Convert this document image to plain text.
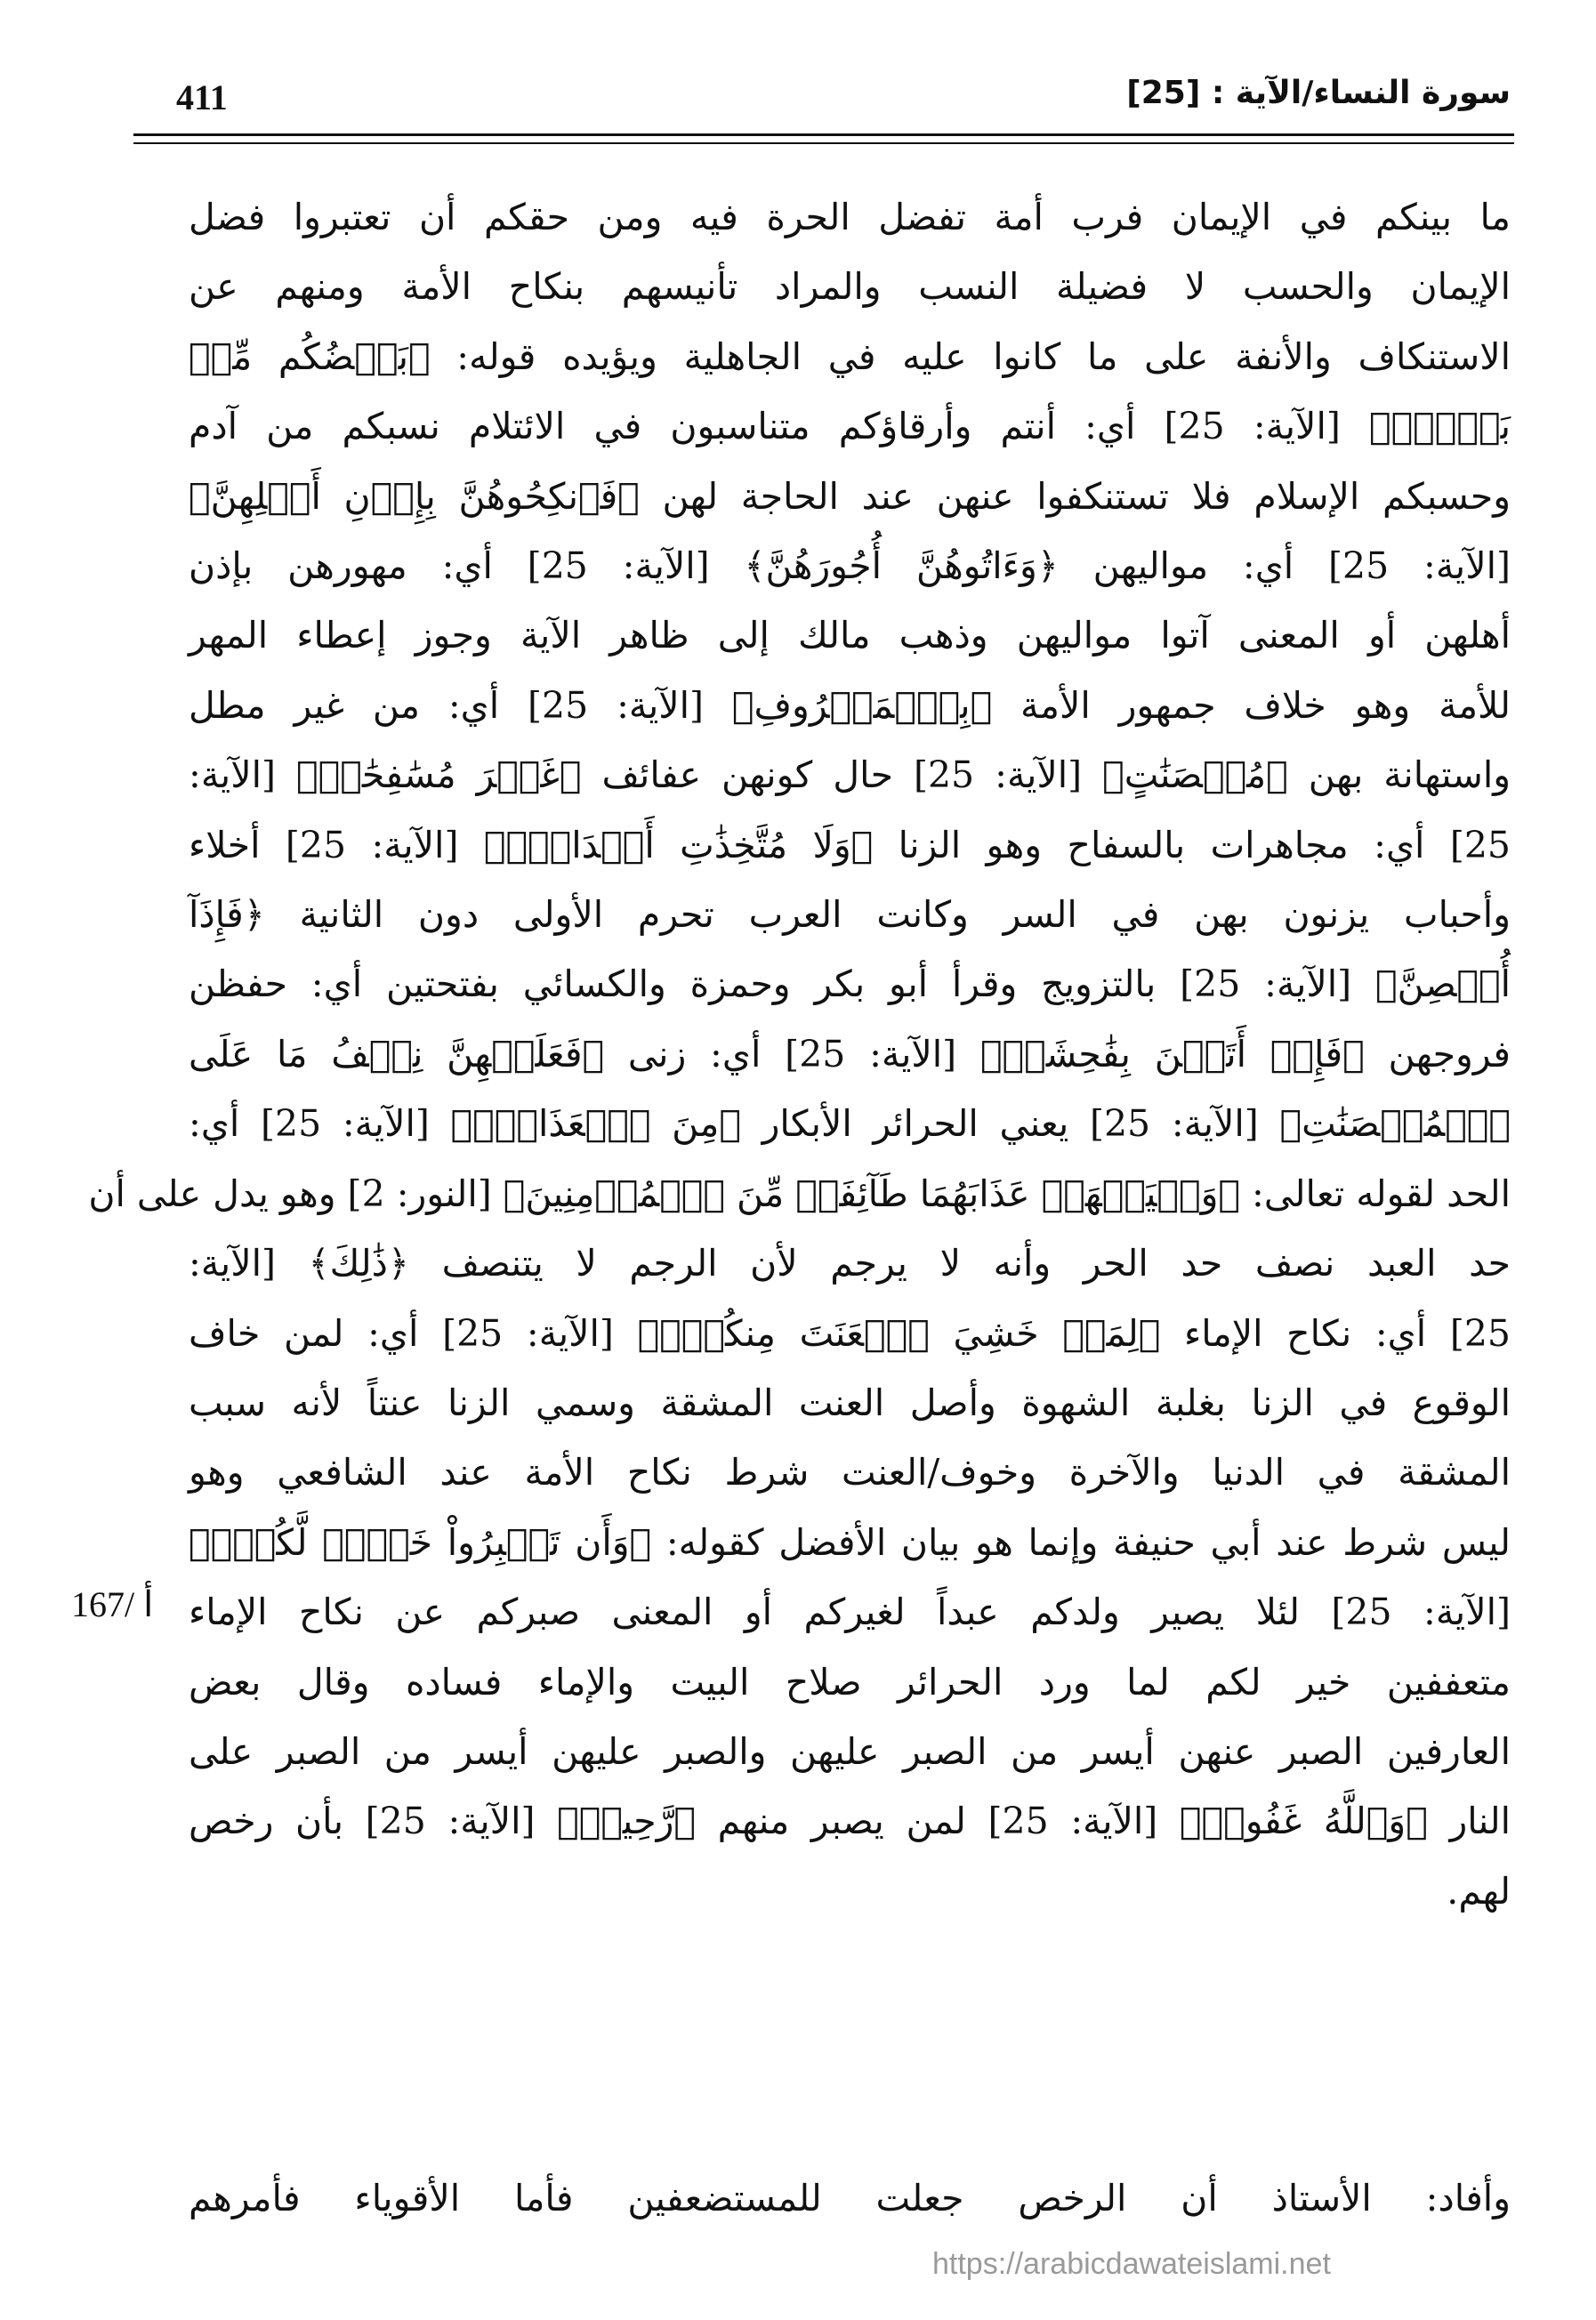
411	سورة النساء/الآية : [25]
ما بينكم في الإيمان فرب أمة تفضل الحرة فيه ومن حقكم أن تعتبروا فضل
الإيمان والحسب لا فضيلة النسب والمراد تأنيسهم بنكاح الأمة ومنهم عن
الاستنكاف والأنفة على ما كانوا عليه في الجاهلية ويؤيده قوله: ﴿بَعۡضُكُم مِّنۢ
بَعۡضٖۚ﴾ [الآية: 25] أي: أنتم وأرقاؤكم متناسبون في الائتلام نسبكم من آدم
وحسبكم الإسلام فلا تستنكفوا عنهن عند الحاجة لهن ﴿فَٱنكِحُوهُنَّ بِإِذۡنِ أَهۡلِهِنَّ﴾
[الآية: 25] أي: مواليهن ﴿وَءَاتُوهُنَّ أُجُورَهُنَّ﴾ [الآية: 25] أي: مهورهن بإذن
أهلهن أو المعنى آتوا مواليهن وذهب مالك إلى ظاهر الآية وجوز إعطاء المهر
للأمة وهو خلاف جمهور الأمة ﴿بِٱلۡمَعۡرُوفِ﴾ [الآية: 25] أي: من غير مطل
واستهانة بهن ﴿مُحۡصَنَٰتٍ﴾ [الآية: 25] حال كونهن عفائف ﴿غَيۡرَ مُسَٰفِحَٰتٖ﴾ [الآية:
25] أي: مجاهرات بالسفاح وهو الزنا ﴿وَلَا مُتَّخِذَٰتِ أَخۡدَانٖۚ﴾ [الآية: 25] أخلاء
وأحباب يزنون بهن في السر وكانت العرب تحرم الأولى دون الثانية ﴿فَإِذَآ
أُحۡصِنَّ﴾ [الآية: 25] بالتزويج وقرأ أبو بكر وحمزة والكسائي بفتحتين أي: حفظن
فروجهن ﴿فَإِنۡ أَتَيۡنَ بِفَٰحِشَةٖ﴾ [الآية: 25] أي: زنى ﴿فَعَلَيۡهِنَّ نِصۡفُ مَا عَلَى
ٱلۡمُحۡصَنَٰتِ﴾ [الآية: 25] يعني الحرائر الأبكار ﴿مِنَ ٱلۡعَذَابِۚ﴾ [الآية: 25] أي:
الحد لقوله تعالى: ﴿وَلۡيَشۡهَدۡ عَذَابَهُمَا طَآئِفَةٞ مِّنَ ٱلۡمُؤۡمِنِينَ﴾ [النور: 2] وهو يدل على أن
حد العبد نصف حد الحر وأنه لا يرجم لأن الرجم لا يتنصف ﴿ذَٰلِكَ﴾ [الآية:
25] أي: نكاح الإماء ﴿لِمَنۡ خَشِيَ ٱلۡعَنَتَ مِنكُمۡۚ﴾ [الآية: 25] أي: لمن خاف
الوقوع في الزنا بغلبة الشهوة وأصل العنت المشقة وسمي الزنا عنتاً لأنه سبب
المشقة في الدنيا والآخرة وخوف/العنت شرط نكاح الأمة عند الشافعي وهو
ليس شرط عند أبي حنيفة وإنما هو بيان الأفضل كقوله: ﴿وَأَن تَصۡبِرُواْ خَيۡرٞ لَّكُمۡۗ﴾
[الآية: 25] لئلا يصير ولدكم عبداً لغيركم أو المعنى صبركم عن نكاح الإماء
متعففين خير لكم لما ورد الحرائر صلاح البيت والإماء فساده وقال بعض
العارفين الصبر عنهن أيسر من الصبر عليهن والصبر عليهن أيسر من الصبر على
النار ﴿وَٱللَّهُ غَفُورٞ﴾ [الآية: 25] لمن يصبر منهم ﴿رَّحِيمٞ﴾ [الآية: 25] بأن رخص
لهم.
167/ أ
وأفاد: الأستاذ أن الرخص جعلت للمستضعفين فأما الأقوياء فأمرهم
https://arabicdawateislami.net
